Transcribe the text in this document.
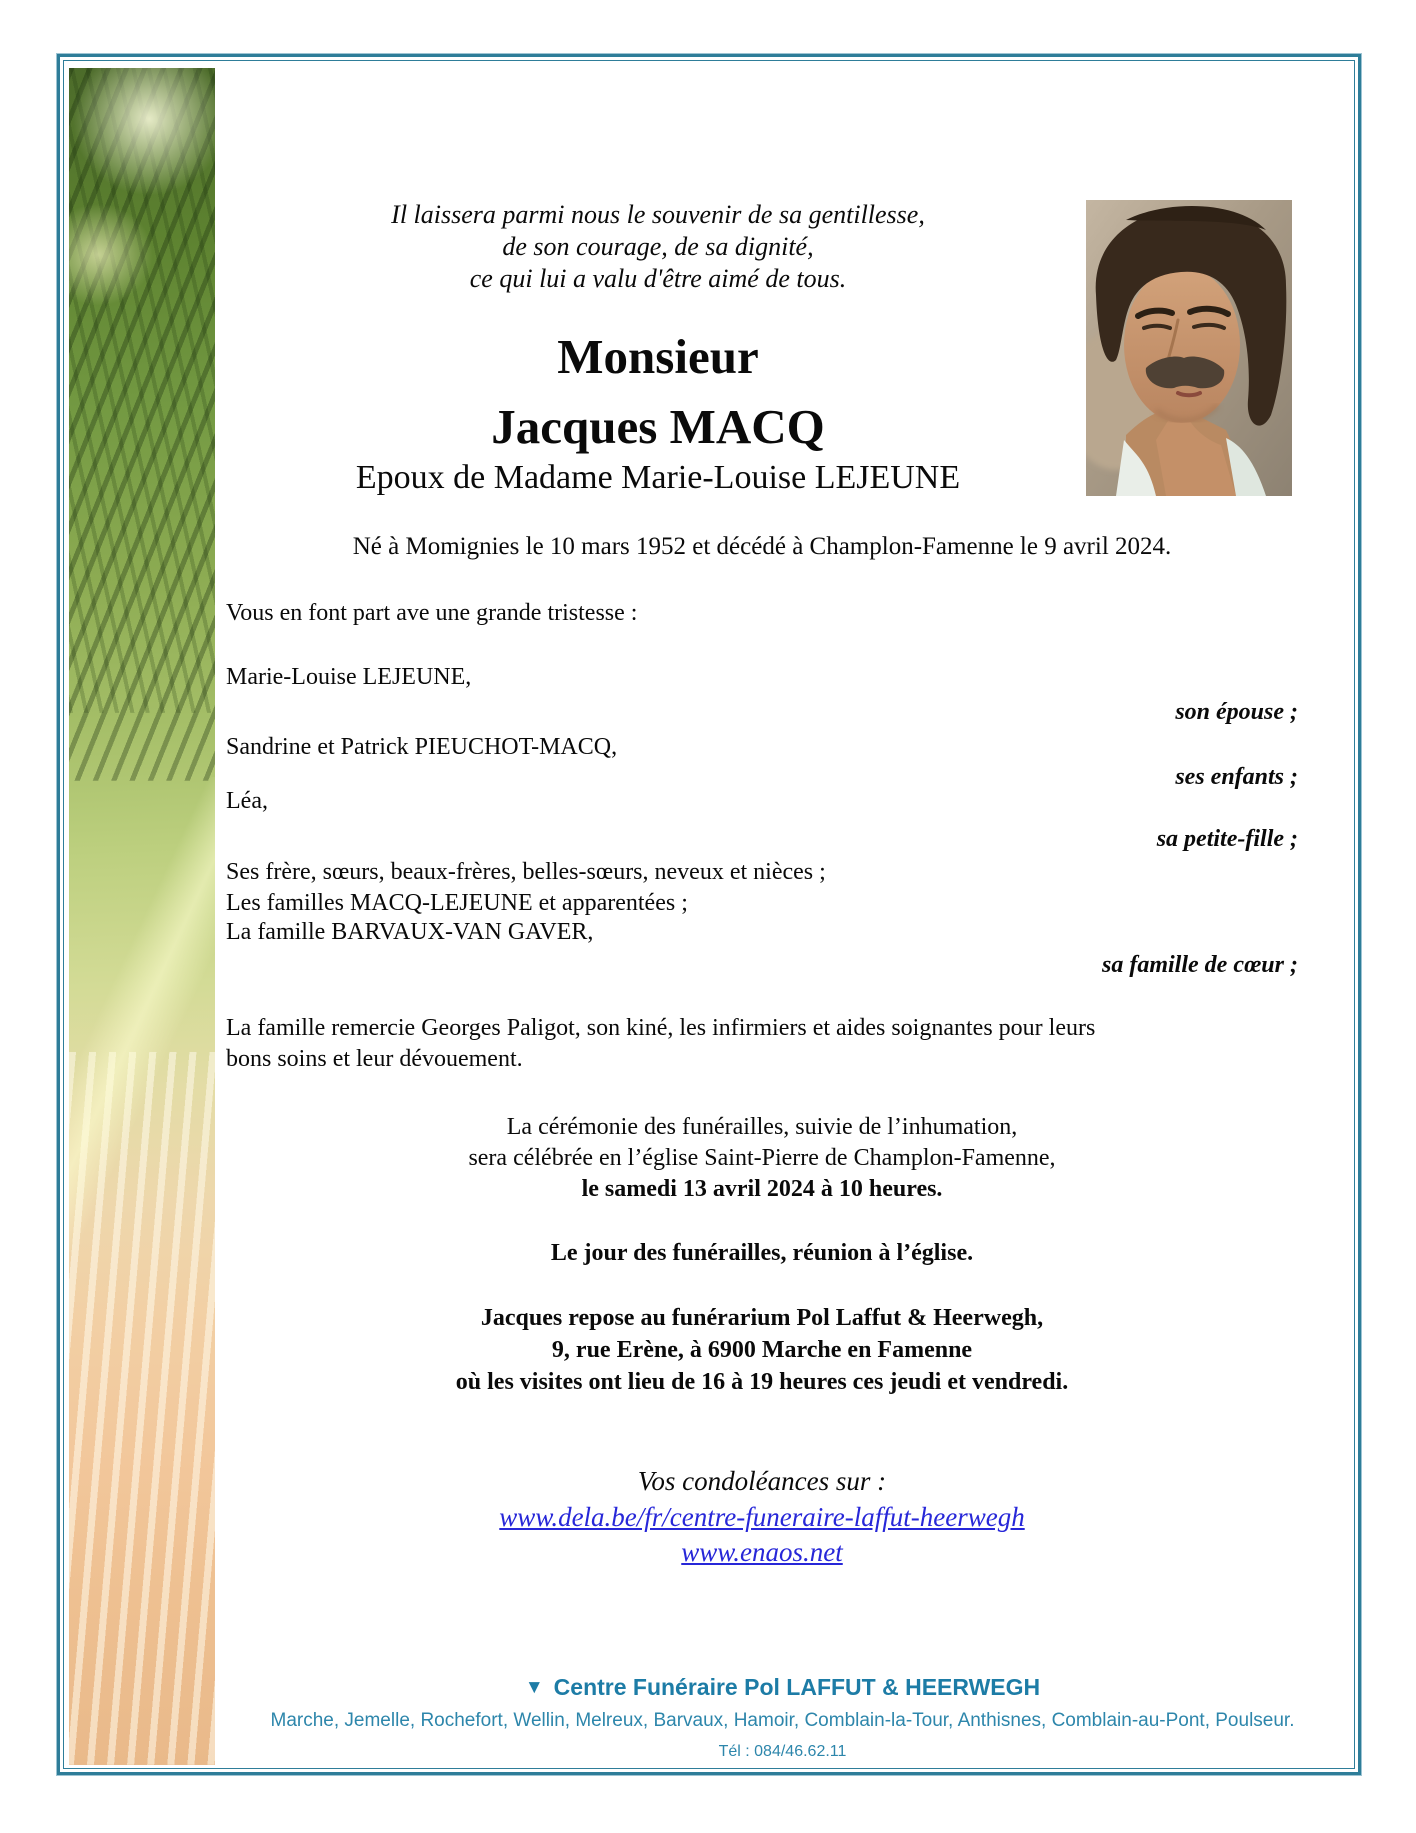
Il laissera parmi nous le souvenir de sa gentillesse,
de son courage, de sa dignité,
ce qui lui a valu d'être aimé de tous.
Monsieur
Jacques MACQ
Epoux de Madame Marie-Louise LEJEUNE
Né à Momignies le 10 mars 1952 et décédé à Champlon-Famenne le 9 avril 2024.
Vous en font part ave une grande tristesse :
Marie-Louise LEJEUNE,
son épouse ;
Sandrine et Patrick PIEUCHOT-MACQ,
ses enfants ;
Léa,
sa petite-fille ;
Ses frère, sœurs, beaux-frères, belles-sœurs, neveux et nièces ;
Les familles MACQ-LEJEUNE et apparentées ;
La famille BARVAUX-VAN GAVER,
sa famille de cœur ;
La famille remercie Georges Paligot, son kiné, les infirmiers et aides soignantes pour leurs
bons soins et leur dévouement.
La cérémonie des funérailles, suivie de l’inhumation,
sera célébrée en l’église Saint-Pierre de Champlon-Famenne,
le samedi 13 avril 2024 à 10 heures.
Le jour des funérailles, réunion à l’église.
Jacques repose au funérarium Pol Laffut & Heerwegh,
9, rue Erène, à 6900 Marche en Famenne
où les visites ont lieu de 16 à 19 heures ces jeudi et vendredi.
Vos condoléances sur :
www.dela.be/fr/centre-funeraire-laffut-heerwegh
www.enaos.net
▼ Centre Funéraire Pol LAFFUT & HEERWEGH
Marche, Jemelle, Rochefort, Wellin, Melreux, Barvaux, Hamoir, Comblain-la-Tour, Anthisnes, Comblain-au-Pont, Poulseur.
Tél : 084/46.62.11
